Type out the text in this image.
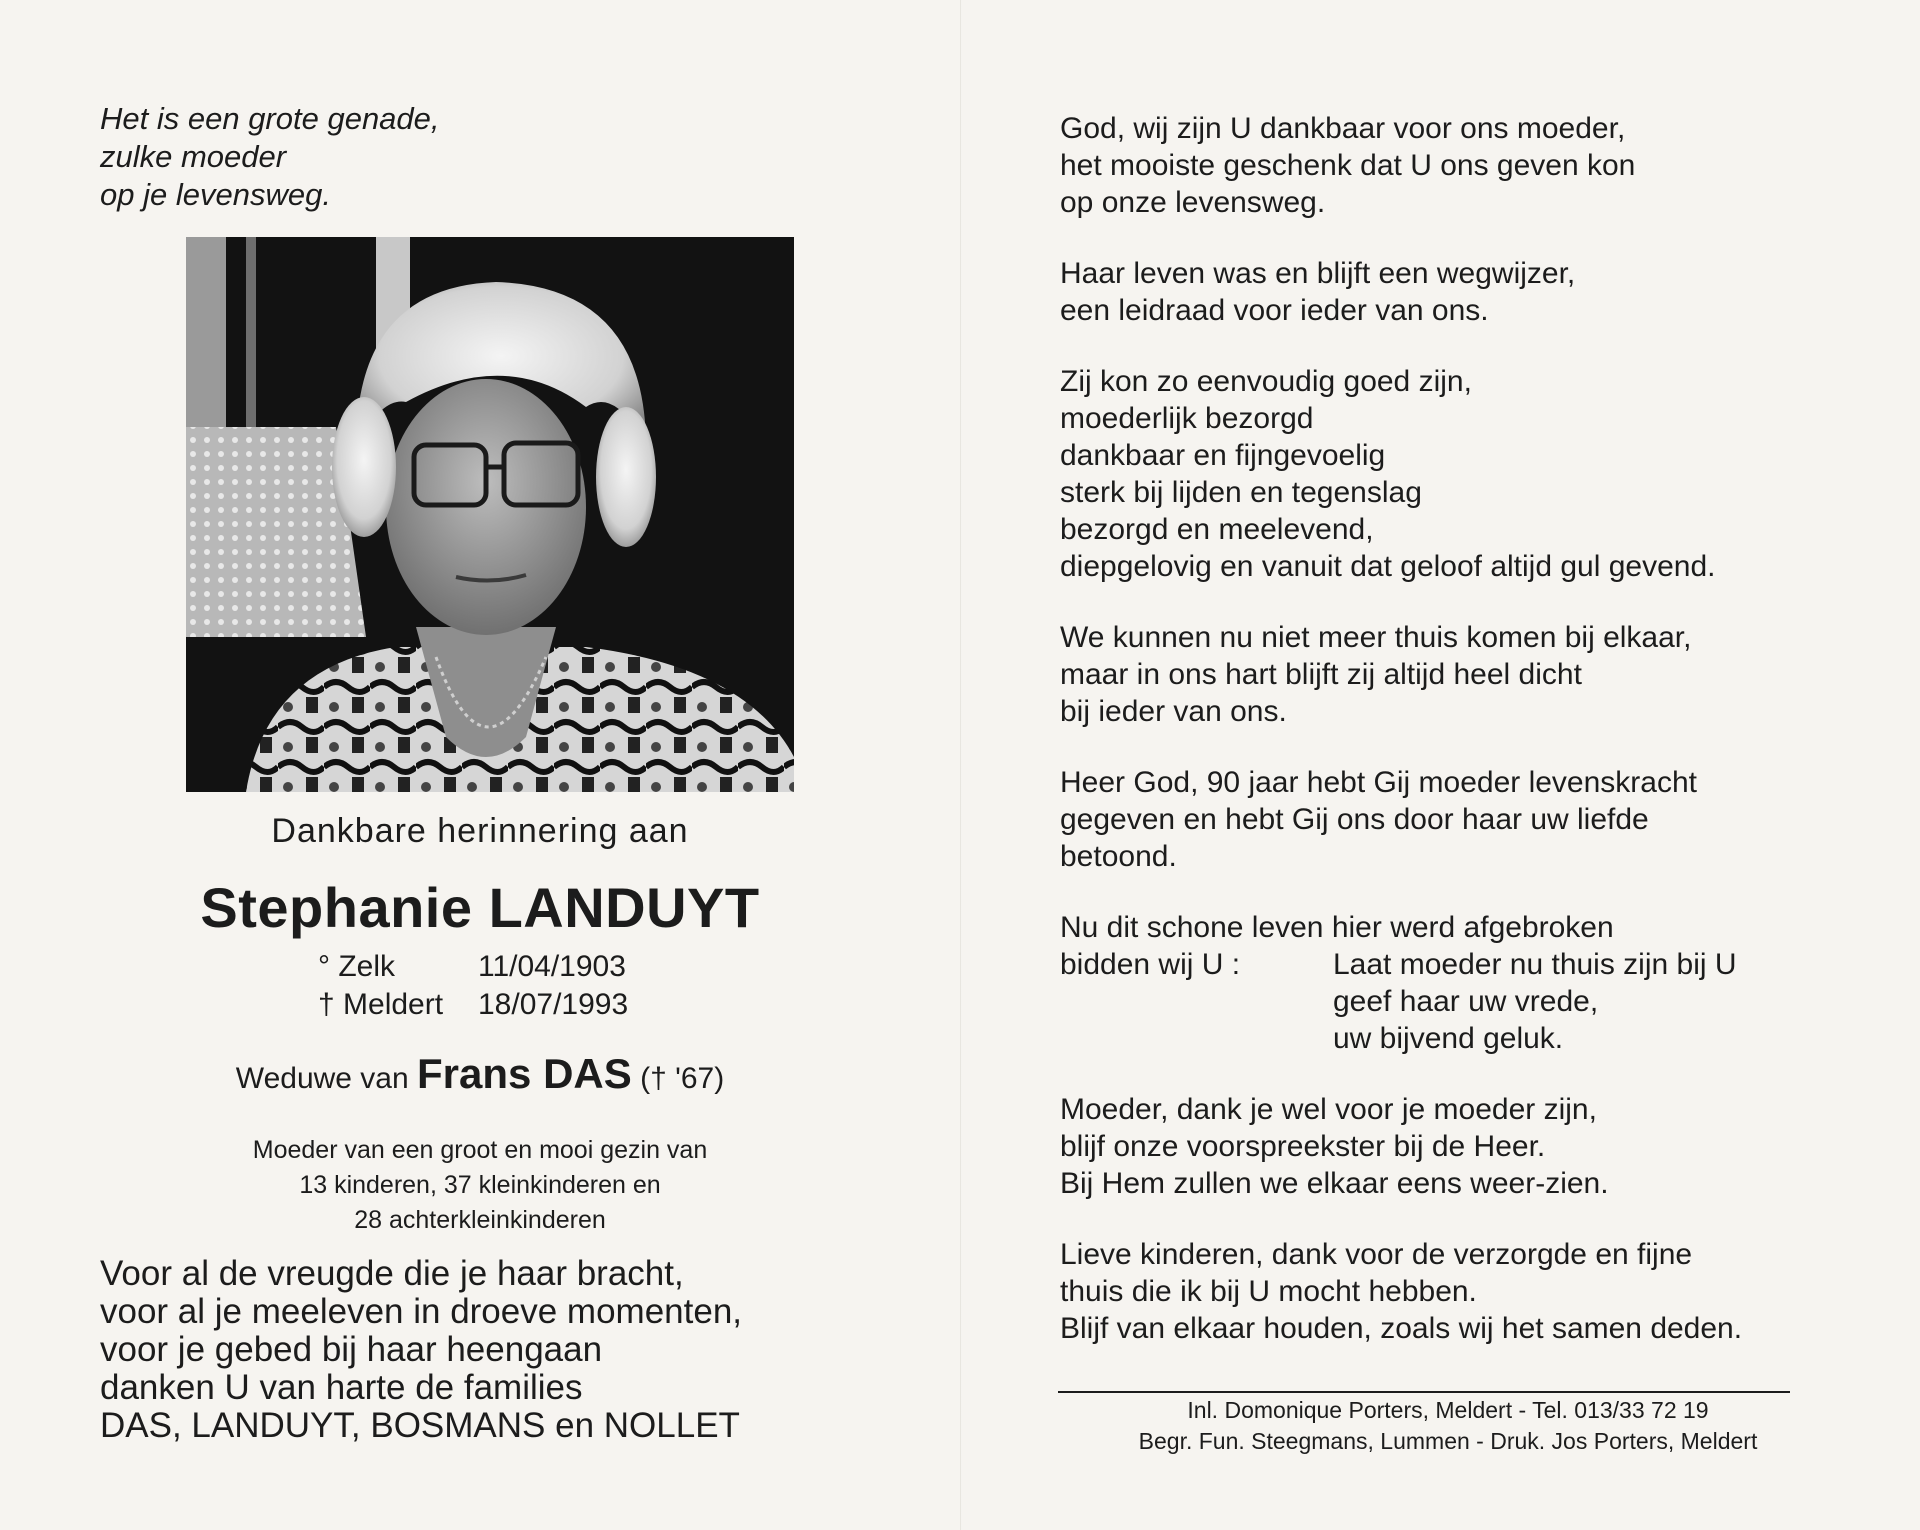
Het is een grote genade,
zulke moeder
op je levensweg.
Dankbare herinnering aan
Stephanie LANDUYT
° Zelk	11/04/1903
† Meldert 18/07/1993
Weduwe van Frans DAS († '67)
Moeder van een groot en mooi gezin van
13 kinderen, 37 kleinkinderen en
28 achterkleinkinderen
Voor al de vreugde die je haar bracht,
voor al je meeleven in droeve momenten,
voor je gebed bij haar heengaan
danken U van harte de families
DAS, LANDUYT, BOSMANS en NOLLET
God, wij zijn U dankbaar voor ons moeder,
het mooiste geschenk dat U ons geven kon
op onze levensweg.
Haar leven was en blijft een wegwijzer,
een leidraad voor ieder van ons.
Zij kon zo eenvoudig goed zijn,
moederlijk bezorgd
dankbaar en fijngevoelig
sterk bij lijden en tegenslag
bezorgd en meelevend,
diepgelovig en vanuit dat geloof altijd gul gevend.
We kunnen nu niet meer thuis komen bij elkaar,
maar in ons hart blijft zij altijd heel dicht
bij ieder van ons.
Heer God, 90 jaar hebt Gij moeder levenskracht
gegeven en hebt Gij ons door haar uw liefde
betoond.
Nu dit schone leven hier werd afgebroken
bidden wij U :	Laat moeder nu thuis zijn bij U
geef haar uw vrede,
uw bijvend geluk.
Moeder, dank je wel voor je moeder zijn,
blijf onze voorspreekster bij de Heer.
Bij Hem zullen we elkaar eens weer-zien.
Lieve kinderen, dank voor de verzorgde en fijne
thuis die ik bij U mocht hebben.
Blijf van elkaar houden, zoals wij het samen deden.
Inl. Domonique Porters, Meldert - Tel. 013/33 72 19
Begr. Fun. Steegmans, Lummen - Druk. Jos Porters, Meldert
